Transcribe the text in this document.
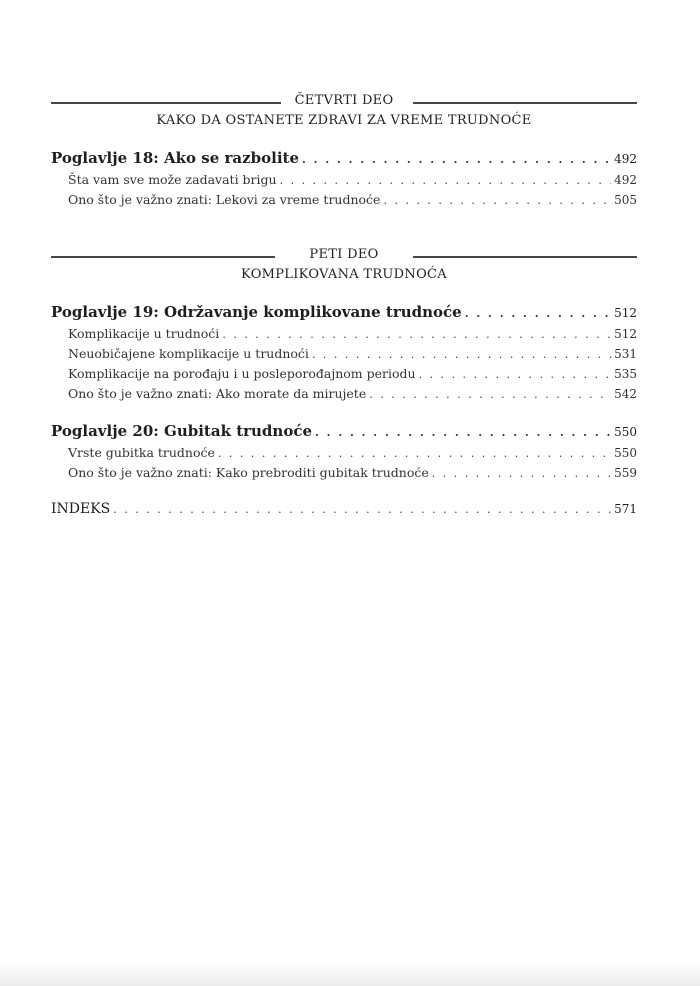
ČETVRTI DEO
KAKO DA OSTANETE ZDRAVI ZA VREME TRUDNOĆE
Poglavlje 18: Ako se razbolite . . .	492
Šta vam sve može zadavati brigu . . .	492
Ono što je važno znati: Lekovi za vreme trudnoće . . .	505
PETI DEO
KOMPLIKOVANA TRUDNOĆA
Poglavlje 19: Održavanje komplikovane trudnoće . . .	512
Komplikacije u trudnoći . . .	512
Neuobičajene komplikacije u trudnoći . . .	531
Komplikacije na porođaju i u posleporođajnom periodu . . .	535
Ono što je važno znati: Ako morate da mirujete . . .	542
Poglavlje 20: Gubitak trudnoće . . .	550
Vrste gubitka trudnoće . . .	550
Ono što je važno znati: Kako prebroditi gubitak trudnoće . . .	559
INDEKS . . .	571
